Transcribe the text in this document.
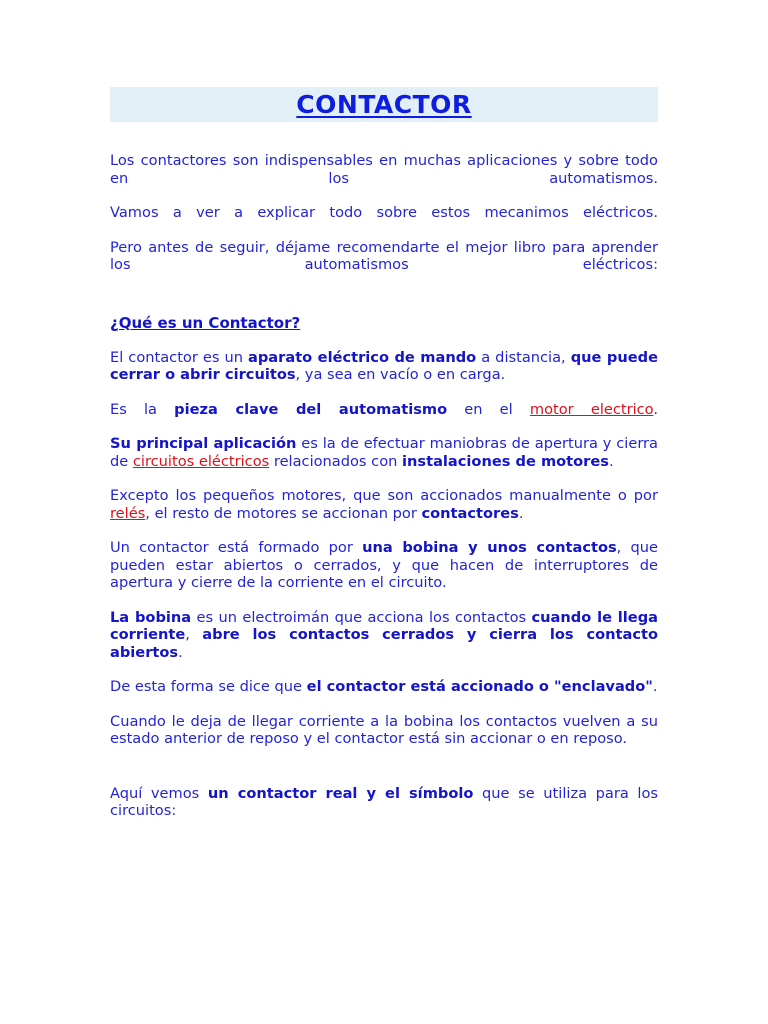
CONTACTOR

Los contactores son indispensables en muchas aplicaciones y sobre todo en los automatismos.

Vamos a ver a explicar todo sobre estos mecanimos eléctricos.

Pero antes de seguir, déjame recomendarte el mejor libro para aprender los automatismos eléctricos:

¿Qué es un Contactor?

El contactor es un aparato eléctrico de mando a distancia, que puede cerrar o abrir circuitos, ya sea en vacío o en carga.

Es la pieza clave del automatismo en el motor electrico.

Su principal aplicación es la de efectuar maniobras de apertura y cierra de circuitos eléctricos relacionados con instalaciones de motores.

Excepto los pequeños motores, que son accionados manualmente o por relés, el resto de motores se accionan por contactores.

Un contactor está formado por una bobina y unos contactos, que pueden estar abiertos o cerrados, y que hacen de interruptores de apertura y cierre de la corriente en el circuito.

La bobina es un electroimán que acciona los contactos cuando le llega corriente, abre los contactos cerrados y cierra los contacto abiertos.

De esta forma se dice que el contactor está accionado o "enclavado".

Cuando le deja de llegar corriente a la bobina los contactos vuelven a su estado anterior de reposo y el contactor está sin accionar o en reposo.

Aquí vemos un contactor real y el símbolo que se utiliza para los circuitos:
